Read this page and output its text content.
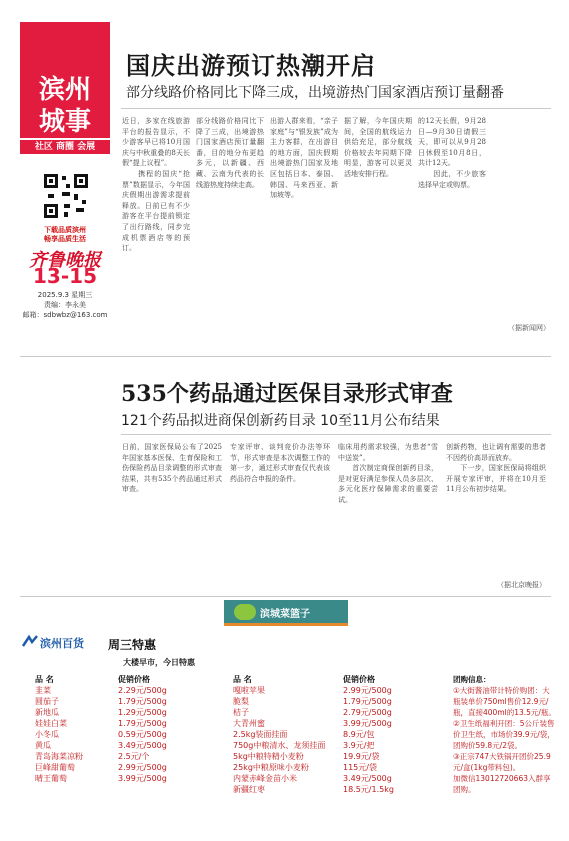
滨州
城事
社区 商圈 会展
下载品质滨州
畅享品质生活
齐鲁晚报
13-15
2025.9.3 星期三
责编：李永美
邮箱：sdbwbz@163.com
国庆出游预订热潮开启
部分线路价格同比下降三成，出境游热门国家酒店预订量翻番
近日，多家在线旅游平台的报告显示，不少游客早已将10月国庆与中秋重叠的8天长假“提上议程”。
　　携程的国庆“抢票”数据显示，今年国庆假期出游需求提前释放。日前已有不少游客在平台提前锁定了出行路线，同步完成机票酒店等的预订。
部分线路价格同比下降了三成，出境游热门国家酒店预订量翻番，目的地分布更趋多元，以新疆、西藏、云南为代表的长线游热度持续走高。
出游人群来看，“亲子家庭”与“银发族”成为主力客群，在出游目的地方面，国庆假期出境游热门国家及地区包括日本、泰国、韩国、马来西亚、新加坡等。
据了解，今年国庆期间，全国的航线运力供给充足，部分航线价格较去年同期下降明显，游客可以更灵活地安排行程。
的12天长假，9月28日—9月30日请假三天，即可以从9月28日休假至10月8日，共计12天。
　　因此，不少旅客选择早定或购票。
（据新闻网）
535个药品通过医保目录形式审查
121个药品拟进商保创新药目录 10至11月公布结果
日前，国家医保局公布了2025年国家基本医保、生育保险和工伤保险药品目录调整的形式审查结果，共有535个药品通过形式审查。
专家评审、谈判竞价办法等环节，形式审查是本次调整工作的第一步，通过形式审查仅代表该药品符合申报的条件。
临床用药需求较强，为患者“雪中送炭”。
　　首次制定商保创新药目录，是对更好满足参保人员多层次、多元化医疗保障需求的重要尝试。
创新药物，也让调有需要的患者不因药价高昂而放弃。
　　下一步，国家医保局将组织开展专家评审，并将在10月至11月公布初步结果。
（据北京晚报）
滨城菜篮子
滨州百货 周三特惠
大楼早市，今日特惠
品 名
韭菜
圆茄子
新地瓜
娃娃白菜
小冬瓜
黄瓜
青岛海菜凉粉
巨峰甜葡萄
晴王葡萄
促销价格
2.29元/500g
1.79元/500g
1.29元/500g
1.79元/500g
0.59元/500g
3.49元/500g
2.5元/个
2.99元/500g
3.99元/500g
品 名
嘎啦苹果
脆梨
桔子
大青州蜜
2.5kg装面挂面
750g中粮清水、龙须挂面
5kg中粮特精小麦粉
25kg中粮原味小麦粉
内蒙赤峰金苗小米
新疆红枣
促销价格
2.99元/500g
1.79元/500g
2.79元/500g
3.99元/500g
8.9元/包
3.9元/把
19.9元/袋
115元/袋
3.49元/500g
18.5元/1.5kg
团购信息：
①大街酱油带计特价购团：大瓶装单价750ml售价12.9元/瓶，直接400ml的13.5元/瓶。
②卫生纸福利开团：5公斤装售价卫生纸，市场价39.9元/袋，团购价59.8元/2袋。
③正宗747大铁锅开团价25.9元/盒(1kg带料包)。
加微信13012720663入群享团购。
